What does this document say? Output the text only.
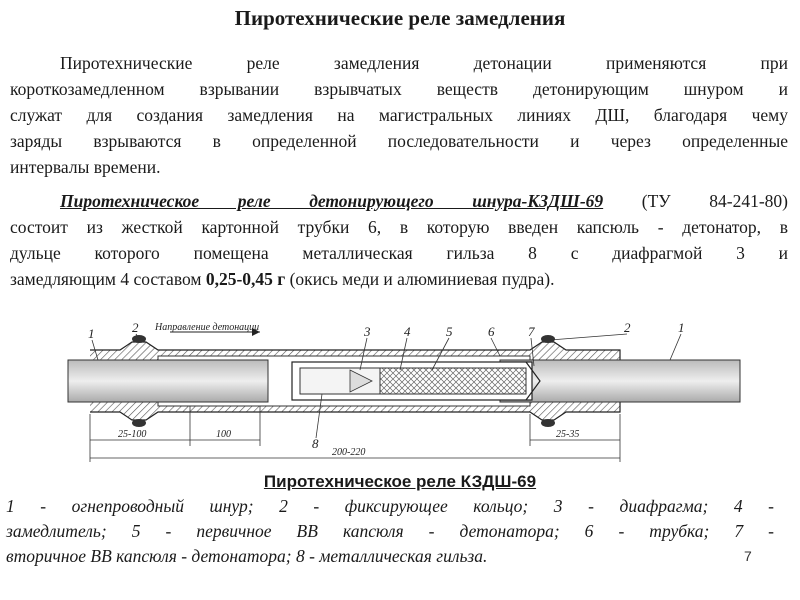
Пиротехнические реле замедления
Пиротехнические реле замедления детонации применяются при
короткозамедленном взрывании взрывчатых веществ детонирующим шнуром и
служат для создания замедления на магистральных линиях ДШ, благодаря чему
заряды взрываются в определенной последовательности и через определенные
интервалы времени.
Пиротехническое реле детонирующего шнура-КЗДШ-69 (ТУ 84-241-80)
состоит из жесткой картонной трубки 6, в которую введен капсюль - детонатор, в
дульце которого помещена металлическая гильза 8 с диафрагмой 3 и
замедляющим 4 составом 0,25-0,45 г (окись меди и алюминиевая пудра).
Направление детонации
1	2	3	4	5	6	7
8
2	1
25-100	100	25-35
200-220
Пиротехническое реле КЗДШ-69
1 - огнепроводный шнур; 2 - фиксирующее кольцо; 3 - диафрагма; 4 -
замедлитель; 5 - первичное ВВ капсюля - детонатора; 6 - трубка; 7 -
вторичное ВВ капсюля - детонатора; 8 - металлическая гильза.	7
